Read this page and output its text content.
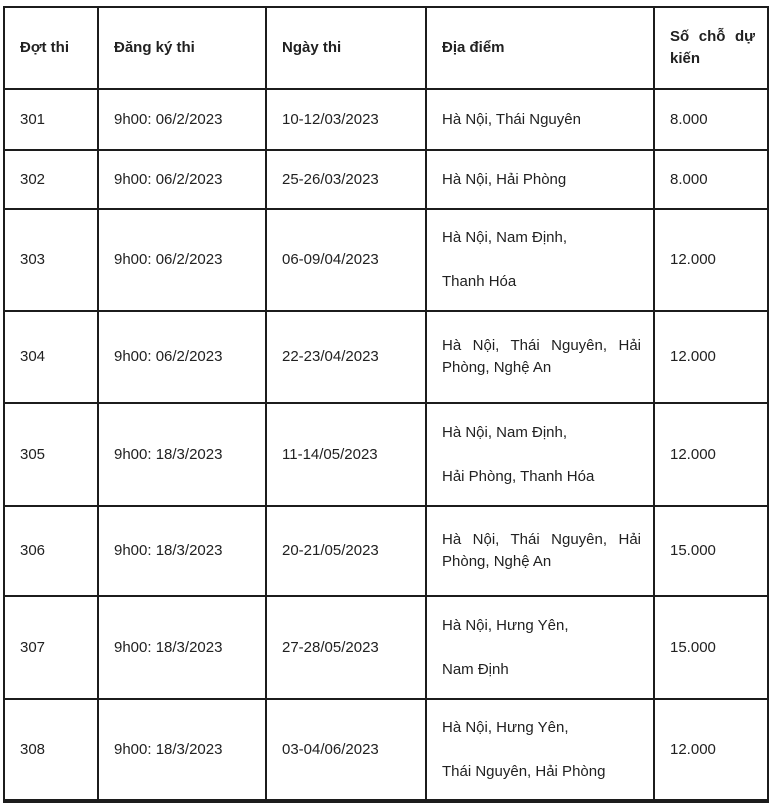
Đợt thi	Đăng ký thi	Ngày thi	Địa điểm	Số chỗ dự kiến
301	9h00: 06/2/2023	10-12/03/2023	Hà Nội, Thái Nguyên	8.000
302	9h00: 06/2/2023	25-26/03/2023	Hà Nội, Hải Phòng	8.000
303	9h00: 06/2/2023	06-09/04/2023	Hà Nội, Nam Định,
Thanh Hóa	12.000
304	9h00: 06/2/2023	22-23/04/2023	Hà Nội, Thái Nguyên, Hải Phòng, Nghệ An	12.000
305	9h00: 18/3/2023	11-14/05/2023	Hà Nội, Nam Định,
Hải Phòng, Thanh Hóa	12.000
306	9h00: 18/3/2023	20-21/05/2023	Hà Nội, Thái Nguyên, Hải Phòng, Nghệ An	15.000
307	9h00: 18/3/2023	27-28/05/2023	Hà Nội, Hưng Yên,
Nam Định	15.000
308	9h00: 18/3/2023	03-04/06/2023	Hà Nội, Hưng Yên,
Thái Nguyên, Hải Phòng	12.000
